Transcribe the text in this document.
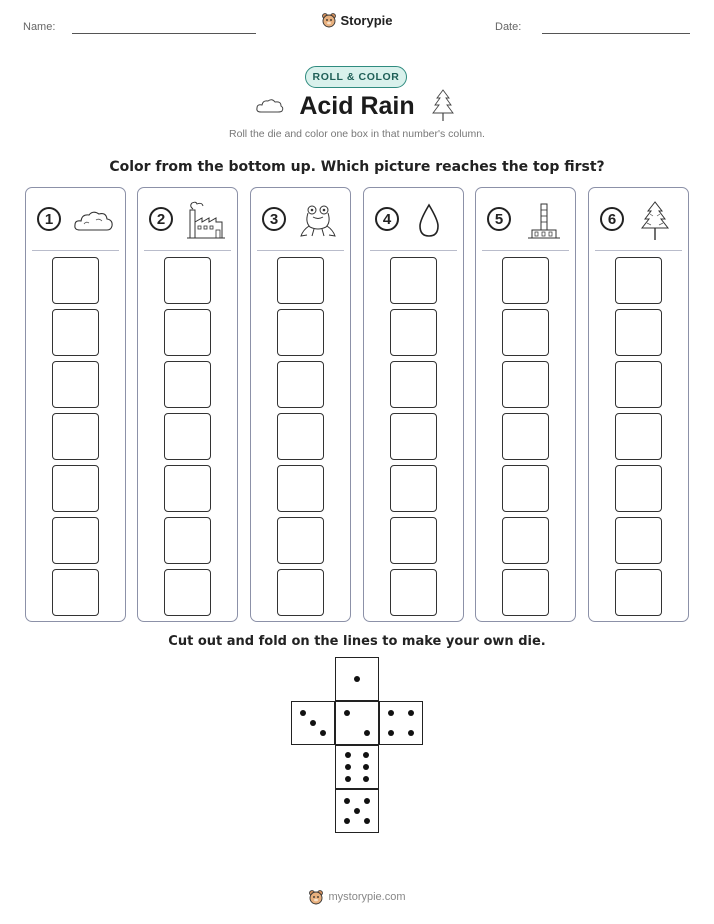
Name:	Storypie	Date:
ROLL & COLOR
Acid Rain
Roll the die and color one box in that number's column.
Color from the bottom up. Which picture reaches the top first?
1	2	3	4	5	6
Cut out and fold on the lines to make your own die.
mystorypie.com
